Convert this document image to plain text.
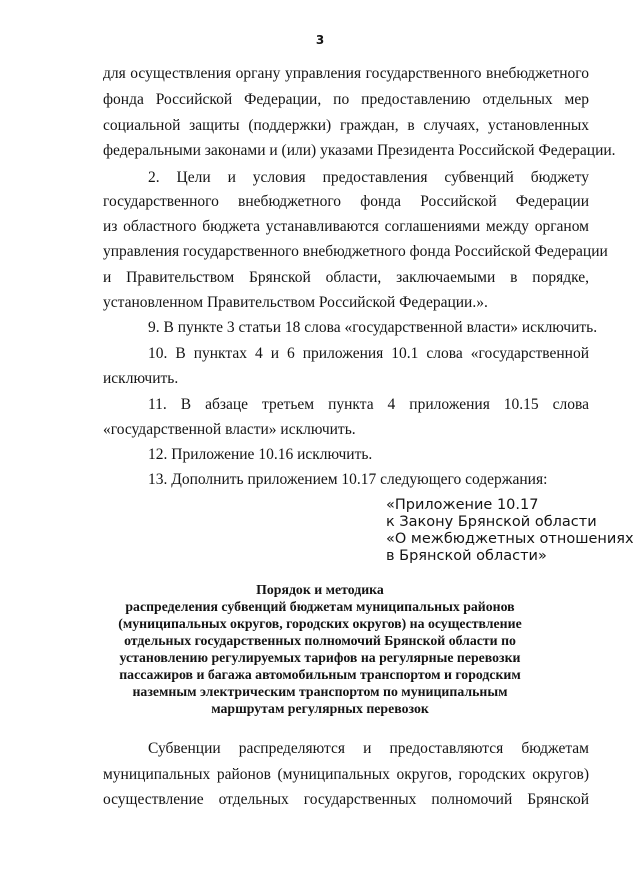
3
для осуществления органу управления государственного внебюджетного
фонда Российской Федерации, по предоставлению отдельных мер
социальной защиты (поддержки) граждан, в случаях, установленных
федеральными законами и (или) указами Президента Российской Федерации.
2. Цели и условия предоставления субвенций бюджету
государственного внебюджетного фонда Российской Федерации
из областного бюджета устанавливаются соглашениями между органом
управления государственного внебюджетного фонда Российской Федерации
и Правительством Брянской области, заключаемыми в порядке,
установленном Правительством Российской Федерации.».
9. В пункте 3 статьи 18 слова «государственной власти» исключить.
10. В пунктах 4 и 6 приложения 10.1 слова «государственной
исключить.
11. В абзаце третьем пункта 4 приложения 10.15 слова
«государственной власти» исключить.
12. Приложение 10.16 исключить.
13. Дополнить приложением 10.17 следующего содержания:
«Приложение 10.17
к Закону Брянской области
«О межбюджетных отношениях
в Брянской области»
Порядок и методика
распределения субвенций бюджетам муниципальных районов
(муниципальных округов, городских округов) на осуществление
отдельных государственных полномочий Брянской области по
установлению регулируемых тарифов на регулярные перевозки
пассажиров и багажа автомобильным транспортом и городским
наземным электрическим транспортом по муниципальным
маршрутам регулярных перевозок
Субвенции распределяются и предоставляются бюджетам
муниципальных районов (муниципальных округов, городских округов)
осуществление отдельных государственных полномочий Брянской
